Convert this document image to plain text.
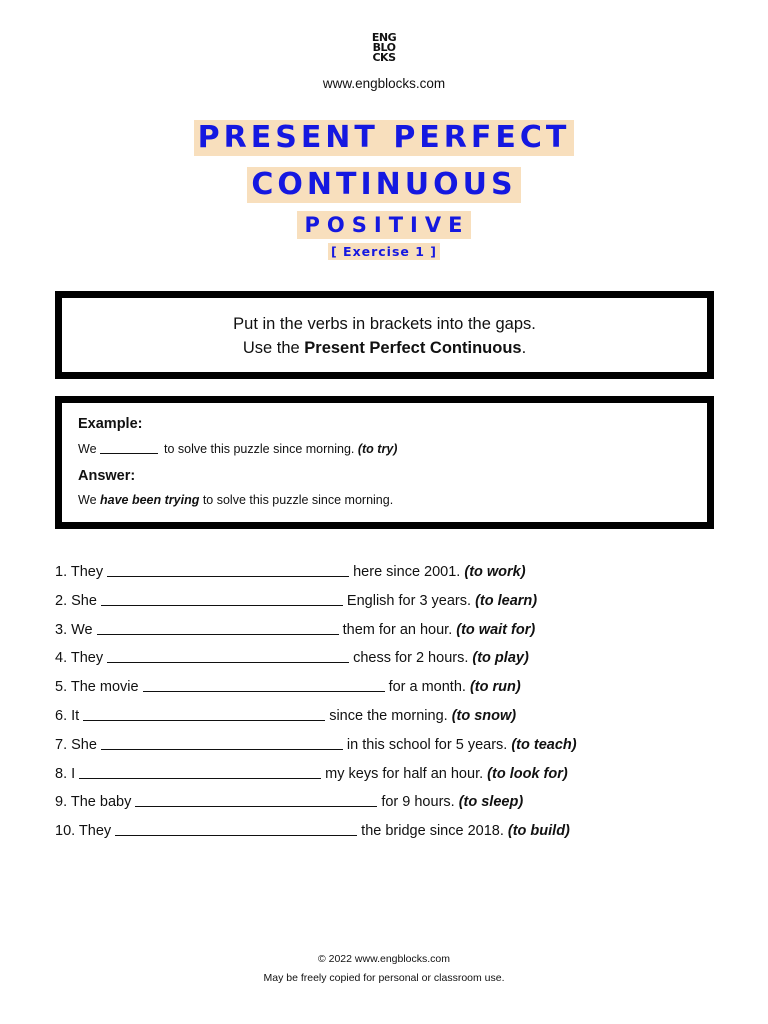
ENG
BLO
CKS
www.engblocks.com
PRESENT PERFECT
CONTINUOUS
POSITIVE
[ Exercise 1 ]
Put in the verbs in brackets into the gaps.
Use the Present Perfect Continuous.
Example:
We	to solve this puzzle since morning. (to try)
Answer:
We have been trying to solve this puzzle since morning.
1. They	here since 2001. (to work)
2. She	English for 3 years. (to learn)
3. We	them for an hour. (to wait for)
4. They	chess for 2 hours. (to play)
5. The movie	for a month. (to run)
6. It	since the morning. (to snow)
7. She	in this school for 5 years. (to teach)
8. I	my keys for half an hour. (to look for)
9. The baby	for 9 hours. (to sleep)
10. They	the bridge since 2018. (to build)
© 2022 www.engblocks.com
May be freely copied for personal or classroom use.
